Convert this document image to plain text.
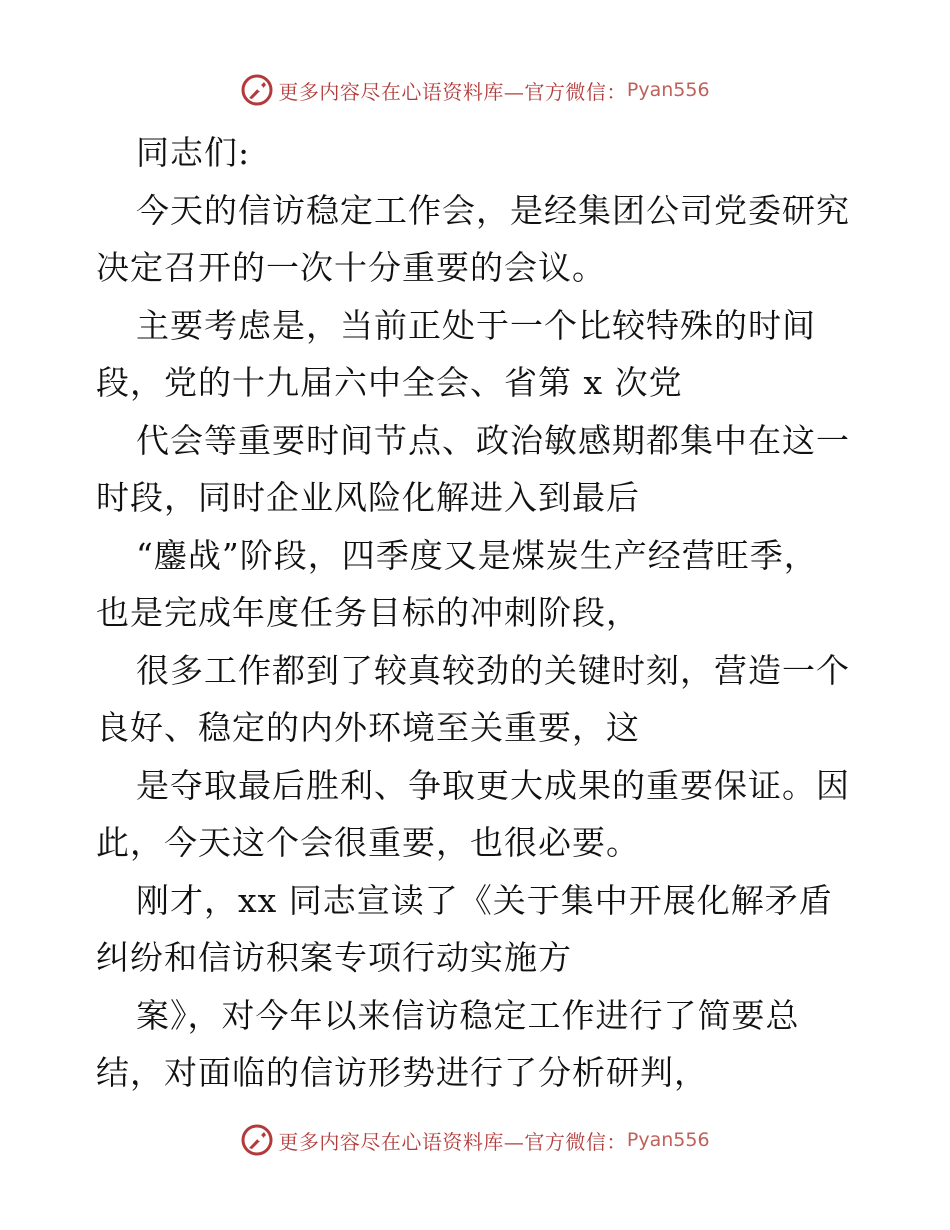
更多内容尽在心语资料库—官方微信： Pyan556
同志们:
今天的信访稳定工作会，是经集团公司党委研究
决定召开的一次十分重要的会议。
主要考虑是，当前正处于一个比较特殊的时间
段，党的十九届六中全会、省第 x 次党
代会等重要时间节点、政治敏感期都集中在这一
时段，同时企业风险化解进入到最后
“鏖战”阶段，四季度又是煤炭生产经营旺季，
也是完成年度任务目标的冲刺阶段，
很多工作都到了较真较劲的关键时刻，营造一个
良好、稳定的内外环境至关重要，这
是夺取最后胜利、争取更大成果的重要保证。因
此，今天这个会很重要，也很必要。
刚才，xx 同志宣读了《关于集中开展化解矛盾
纠纷和信访积案专项行动实施方
案》，对今年以来信访稳定工作进行了简要总
结，对面临的信访形势进行了分析研判，
更多内容尽在心语资料库—官方微信： Pyan556
